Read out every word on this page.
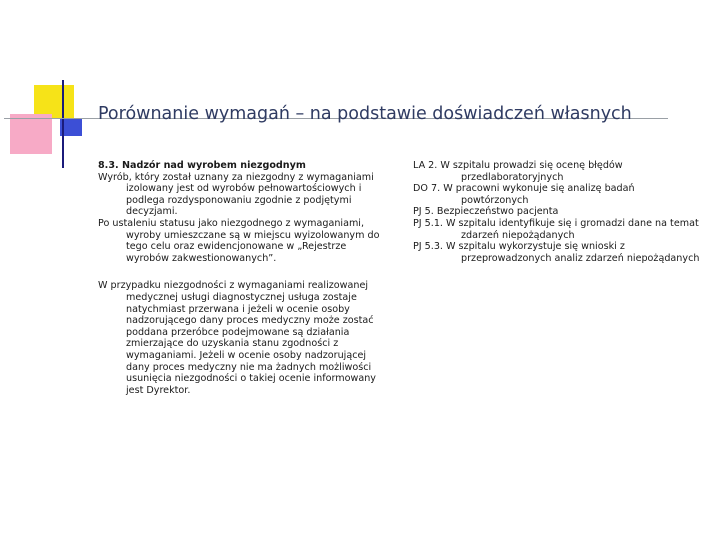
Porównanie wymagań – na podstawie doświadczeń własnych

8.3. Nadzór nad wyrobem niezgodnym

Wyrób, który został uznany za niezgodny z wymaganiami izolowany jest od wyrobów pełnowartościowych i podlega rozdysponowaniu zgodnie z podjętymi decyzjami.

Po ustaleniu statusu jako niezgodnego z wymaganiami, wyroby umieszczane są w miejscu wyizolowanym do tego celu oraz ewidencjonowane w „Rejestrze wyrobów zakwestionowanych”.

W przypadku niezgodności z wymaganiami realizowanej medycznej usługi diagnostycznej usługa zostaje natychmiast przerwana i jeżeli w ocenie osoby nadzorującego dany proces medyczny może zostać poddana przeróbce podejmowane są działania zmierzające do uzyskania stanu zgodności z wymaganiami. Jeżeli w ocenie osoby nadzorującej dany proces medyczny nie ma żadnych możliwości usunięcia niezgodności o takiej ocenie informowany jest Dyrektor.

LA 2. W szpitalu prowadzi się ocenę błędów przedlaboratoryjnych

DO 7. W pracowni wykonuje się analizę badań powtórzonych

PJ 5. Bezpieczeństwo pacjenta

PJ 5.1. W szpitalu identyfikuje się i gromadzi dane na temat zdarzeń niepożądanych

PJ 5.3. W szpitalu wykorzystuje się wnioski z przeprowadzonych analiz zdarzeń niepożądanych
